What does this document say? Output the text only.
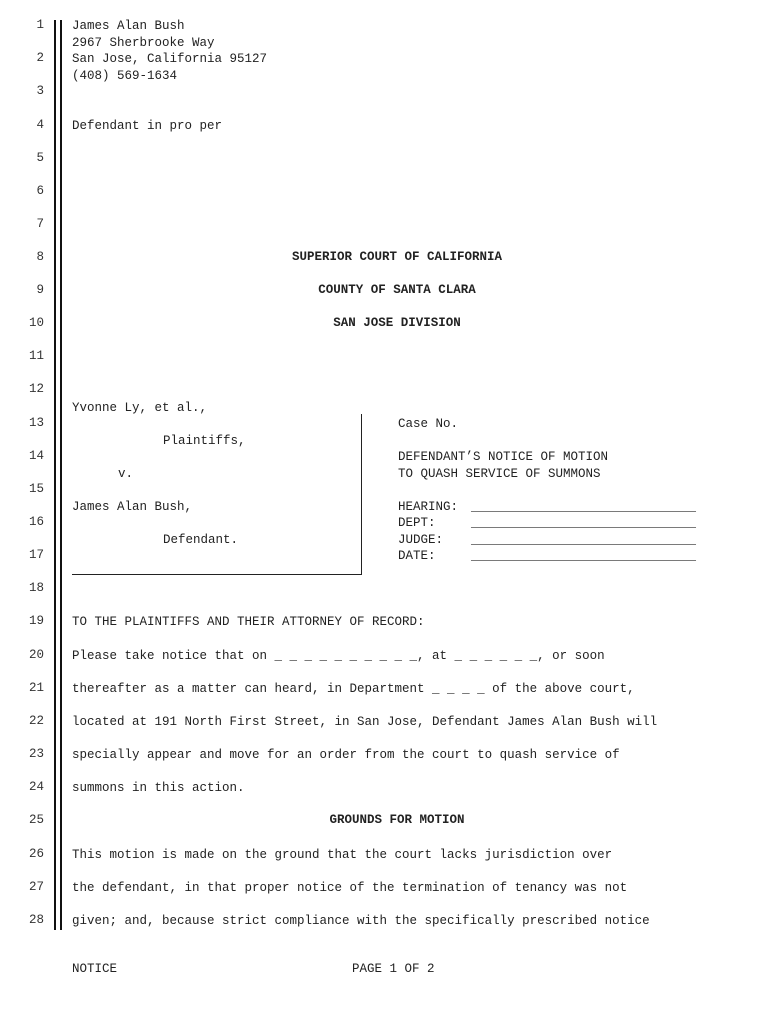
1
2
3
4
5
6
7
8
9
10
11
12
13
14
15
16
17
18
19
20
21
22
23
24
25
26
27
28
James Alan Bush
2967 Sherbrooke Way
San Jose, California 95127
(408) 569-1634
Defendant in pro per
SUPERIOR COURT OF CALIFORNIA
COUNTY OF SANTA CLARA
SAN JOSE DIVISION
Yvonne Ly, et al.,
Plaintiffs,
v.
James Alan Bush,
Defendant.
Case No.
DEFENDANT’S NOTICE OF MOTION
TO QUASH SERVICE OF SUMMONS
HEARING: ______________________________
DEPT:	______________________________
JUDGE: ______________________________
DATE:	______________________________
TO THE PLAINTIFFS AND THEIR ATTORNEY OF RECORD:
Please take notice that on _ _ _ _ _ _ _ _ _ _, at _ _ _ _ _ _, or soon
thereafter as a matter can heard, in Department _ _ _ _ of the above court,
located at 191 North First Street, in San Jose, Defendant James Alan Bush will
specially appear and move for an order from the court to quash service of
summons in this action.
GROUNDS FOR MOTION
This motion is made on the ground that the court lacks jurisdiction over
the defendant, in that proper notice of the termination of tenancy was not
given; and, because strict compliance with the specifically prescribed notice
NOTICE	PAGE 1 OF 2
